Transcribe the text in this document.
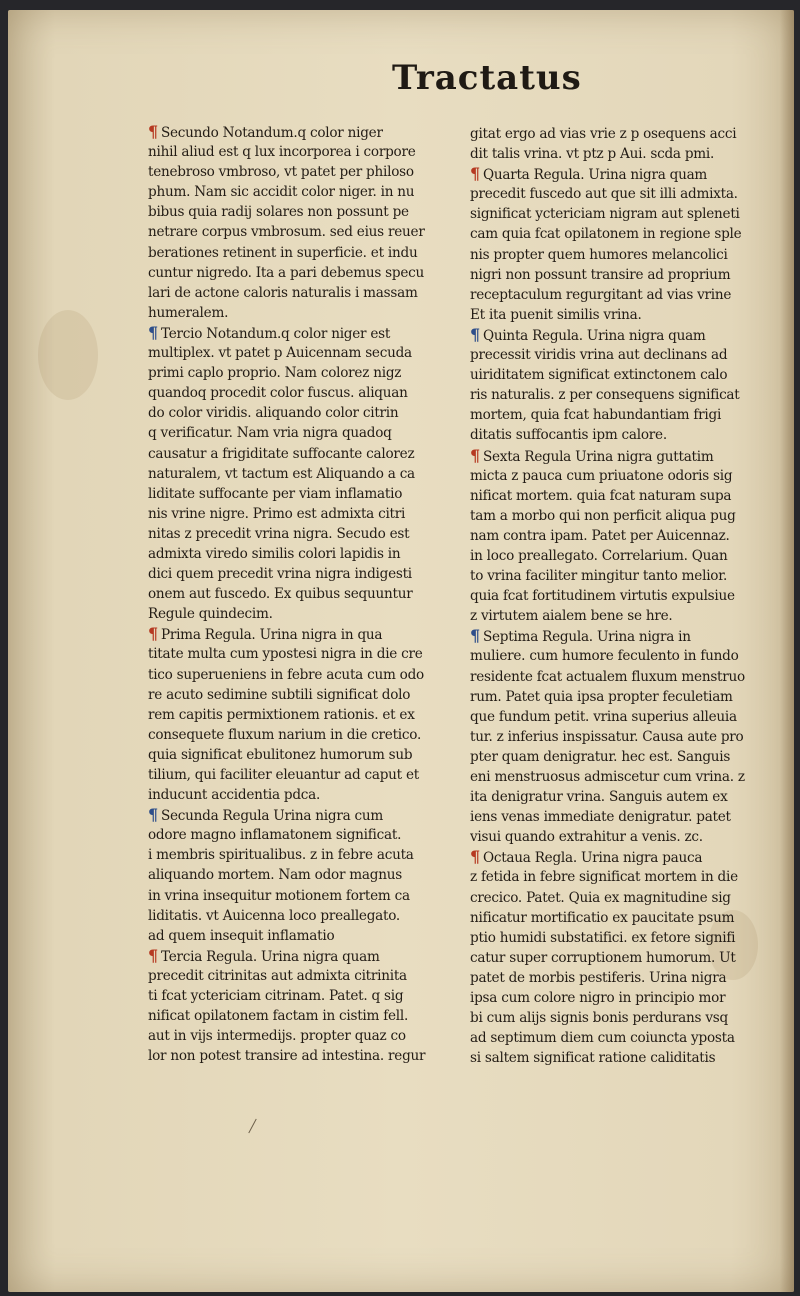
Tractatus
¶ Secundo Notandum.q color niger
nihil aliud est q lux incorporea i corpore
tenebroso vmbroso, vt patet per philoso
phum. Nam sic accidit color niger. in nu
bibus quia radij solares non possunt pe
netrare corpus vmbrosum. sed eius reuer
berationes retinent in superficie. et indu
cuntur nigredo. Ita a pari debemus specu
lari de actone caloris naturalis i massam
humeralem.
¶ Tercio Notandum.q color niger est
multiplex. vt patet p Auicennam secuda
primi caplo proprio. Nam colorez nigz
quandoq procedit color fuscus. aliquan
do color viridis. aliquando color citrin
q verificatur. Nam vria nigra quadoq
causatur a frigiditate suffocante calorez
naturalem, vt tactum est Aliquando a ca
liditate suffocante per viam inflamatio
nis vrine nigre. Primo est admixta citri
nitas z precedit vrina nigra. Secudo est
admixta viredo similis colori lapidis in
dici quem precedit vrina nigra indigesti
onem aut fuscedo. Ex quibus sequuntur
Regule quindecim.
¶ Prima Regula. Urina nigra in qua
titate multa cum ypostesi nigra in die cre
tico superueniens in febre acuta cum odo
re acuto sedimine subtili significat dolo
rem capitis permixtionem rationis. et ex
consequete fluxum narium in die cretico.
quia significat ebulitonez humorum sub
tilium, qui faciliter eleuantur ad caput et
inducunt accidentia pdca.
¶ Secunda Regula Urina nigra cum
odore magno inflamatonem significat.
i membris spiritualibus. z in febre acuta
aliquando mortem. Nam odor magnus
in vrina insequitur motionem fortem ca
liditatis. vt Auicenna loco preallegato.
ad quem insequit inflamatio
¶ Tercia Regula. Urina nigra quam
precedit citrinitas aut admixta citrinita
ti fcat yctericiam citrinam. Patet. q sig
nificat opilatonem factam in cistim fell.
aut in vijs intermedijs. propter quaz co
lor non potest transire ad intestina. regur
gitat ergo ad vias vrie z p osequens acci
dit talis vrina. vt ptz p Aui. scda pmi.
¶ Quarta Regula. Urina nigra quam
precedit fuscedo aut que sit illi admixta.
significat yctericiam nigram aut spleneti
cam quia fcat opilatonem in regione sple
nis propter quem humores melancolici
nigri non possunt transire ad proprium
receptaculum regurgitant ad vias vrine
Et ita puenit similis vrina.
¶ Quinta Regula. Urina nigra quam
precessit viridis vrina aut declinans ad
uiriditatem significat extinctonem calo
ris naturalis. z per consequens significat
mortem, quia fcat habundantiam frigi
ditatis suffocantis ipm calore.
¶ Sexta Regula Urina nigra guttatim
micta z pauca cum priuatone odoris sig
nificat mortem. quia fcat naturam supa
tam a morbo qui non perficit aliqua pug
nam contra ipam. Patet per Auicennaz.
in loco preallegato. Correlarium. Quan
to vrina faciliter mingitur tanto melior.
quia fcat fortitudinem virtutis expulsiue
z virtutem aialem bene se hre.
¶ Septima Regula. Urina nigra in
muliere. cum humore feculento in fundo
residente fcat actualem fluxum menstruo
rum. Patet quia ipsa propter feculetiam
que fundum petit. vrina superius alleuia
tur. z inferius inspissatur. Causa aute pro
pter quam denigratur. hec est. Sanguis
eni menstruosus admiscetur cum vrina. z
ita denigratur vrina. Sanguis autem ex
iens venas immediate denigratur. patet
visui quando extrahitur a venis. zc.
¶ Octaua Regla. Urina nigra pauca
z fetida in febre significat mortem in die
crecico. Patet. Quia ex magnitudine sig
nificatur mortificatio ex paucitate psum
ptio humidi substatifici. ex fetore signifi
catur super corruptionem humorum. Ut
patet de morbis pestiferis. Urina nigra
ipsa cum colore nigro in principio mor
bi cum alijs signis bonis perdurans vsq
ad septimum diem cum coiuncta yposta
si saltem significat ratione caliditatis
